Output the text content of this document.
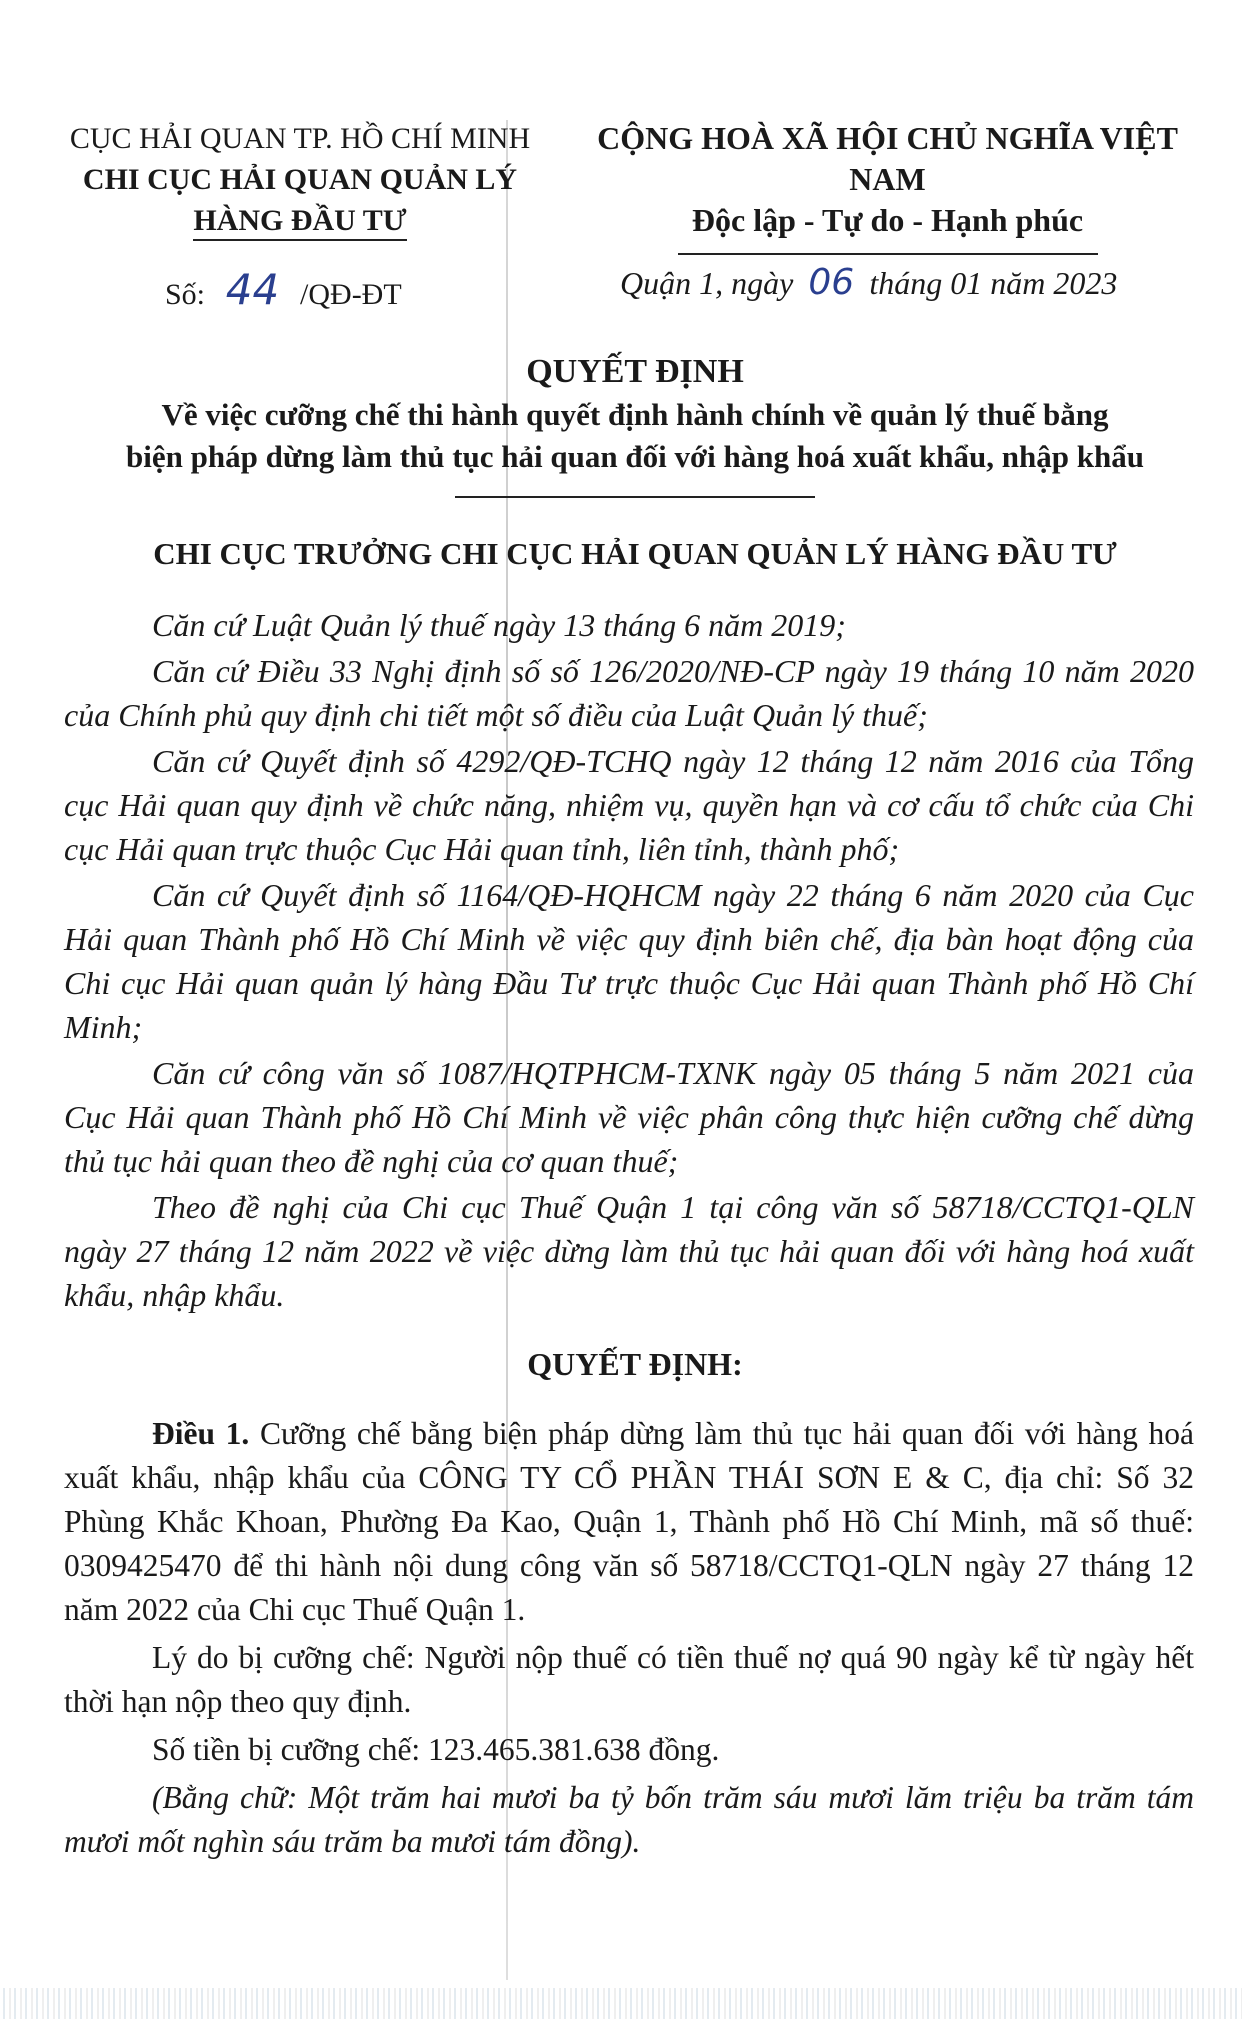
CỤC HẢI QUAN TP. HỒ CHÍ MINH
CHI CỤC HẢI QUAN QUẢN LÝ
HÀNG ĐẦU TƯ
CỘNG HOÀ XÃ HỘI CHỦ NGHĨA VIỆT NAM
Độc lập - Tự do - Hạnh phúc
Số: 44 /QĐ-ĐT	Quận 1, ngày 06 tháng 01 năm 2023
QUYẾT ĐỊNH
Về việc cưỡng chế thi hành quyết định hành chính về quản lý thuế bằng
biện pháp dừng làm thủ tục hải quan đối với hàng hoá xuất khẩu, nhập khẩu
CHI CỤC TRƯỞNG CHI CỤC HẢI QUAN QUẢN LÝ HÀNG ĐẦU TƯ

Căn cứ Luật Quản lý thuế ngày 13 tháng 6 năm 2019;

Căn cứ Điều 33 Nghị định số số 126/2020/NĐ-CP ngày 19 tháng 10 năm 2020 của Chính phủ quy định chi tiết một số điều của Luật Quản lý thuế;

Căn cứ Quyết định số 4292/QĐ-TCHQ ngày 12 tháng 12 năm 2016 của Tổng cục Hải quan quy định về chức năng, nhiệm vụ, quyền hạn và cơ cấu tổ chức của Chi cục Hải quan trực thuộc Cục Hải quan tỉnh, liên tỉnh, thành phố;

Căn cứ Quyết định số 1164/QĐ-HQHCM ngày 22 tháng 6 năm 2020 của Cục Hải quan Thành phố Hồ Chí Minh về việc quy định biên chế, địa bàn hoạt động của Chi cục Hải quan quản lý hàng Đầu Tư trực thuộc Cục Hải quan Thành phố Hồ Chí Minh;

Căn cứ công văn số 1087/HQTPHCM-TXNK ngày 05 tháng 5 năm 2021 của Cục Hải quan Thành phố Hồ Chí Minh về việc phân công thực hiện cưỡng chế dừng thủ tục hải quan theo đề nghị của cơ quan thuế;

Theo đề nghị của Chi cục Thuế Quận 1 tại công văn số 58718/CCTQ1-QLN ngày 27 tháng 12 năm 2022 về việc dừng làm thủ tục hải quan đối với hàng hoá xuất khẩu, nhập khẩu.

QUYẾT ĐỊNH:

Điều 1. Cưỡng chế bằng biện pháp dừng làm thủ tục hải quan đối với hàng hoá xuất khẩu, nhập khẩu của CÔNG TY CỔ PHẦN THÁI SƠN E & C, địa chỉ: Số 32 Phùng Khắc Khoan, Phường Đa Kao, Quận 1, Thành phố Hồ Chí Minh, mã số thuế: 0309425470 để thi hành nội dung công văn số 58718/CCTQ1-QLN ngày 27 tháng 12 năm 2022 của Chi cục Thuế Quận 1.

Lý do bị cưỡng chế: Người nộp thuế có tiền thuế nợ quá 90 ngày kể từ ngày hết thời hạn nộp theo quy định.

Số tiền bị cưỡng chế: 123.465.381.638 đồng.

(Bằng chữ: Một trăm hai mươi ba tỷ bốn trăm sáu mươi lăm triệu ba trăm tám mươi mốt nghìn sáu trăm ba mươi tám đồng).
